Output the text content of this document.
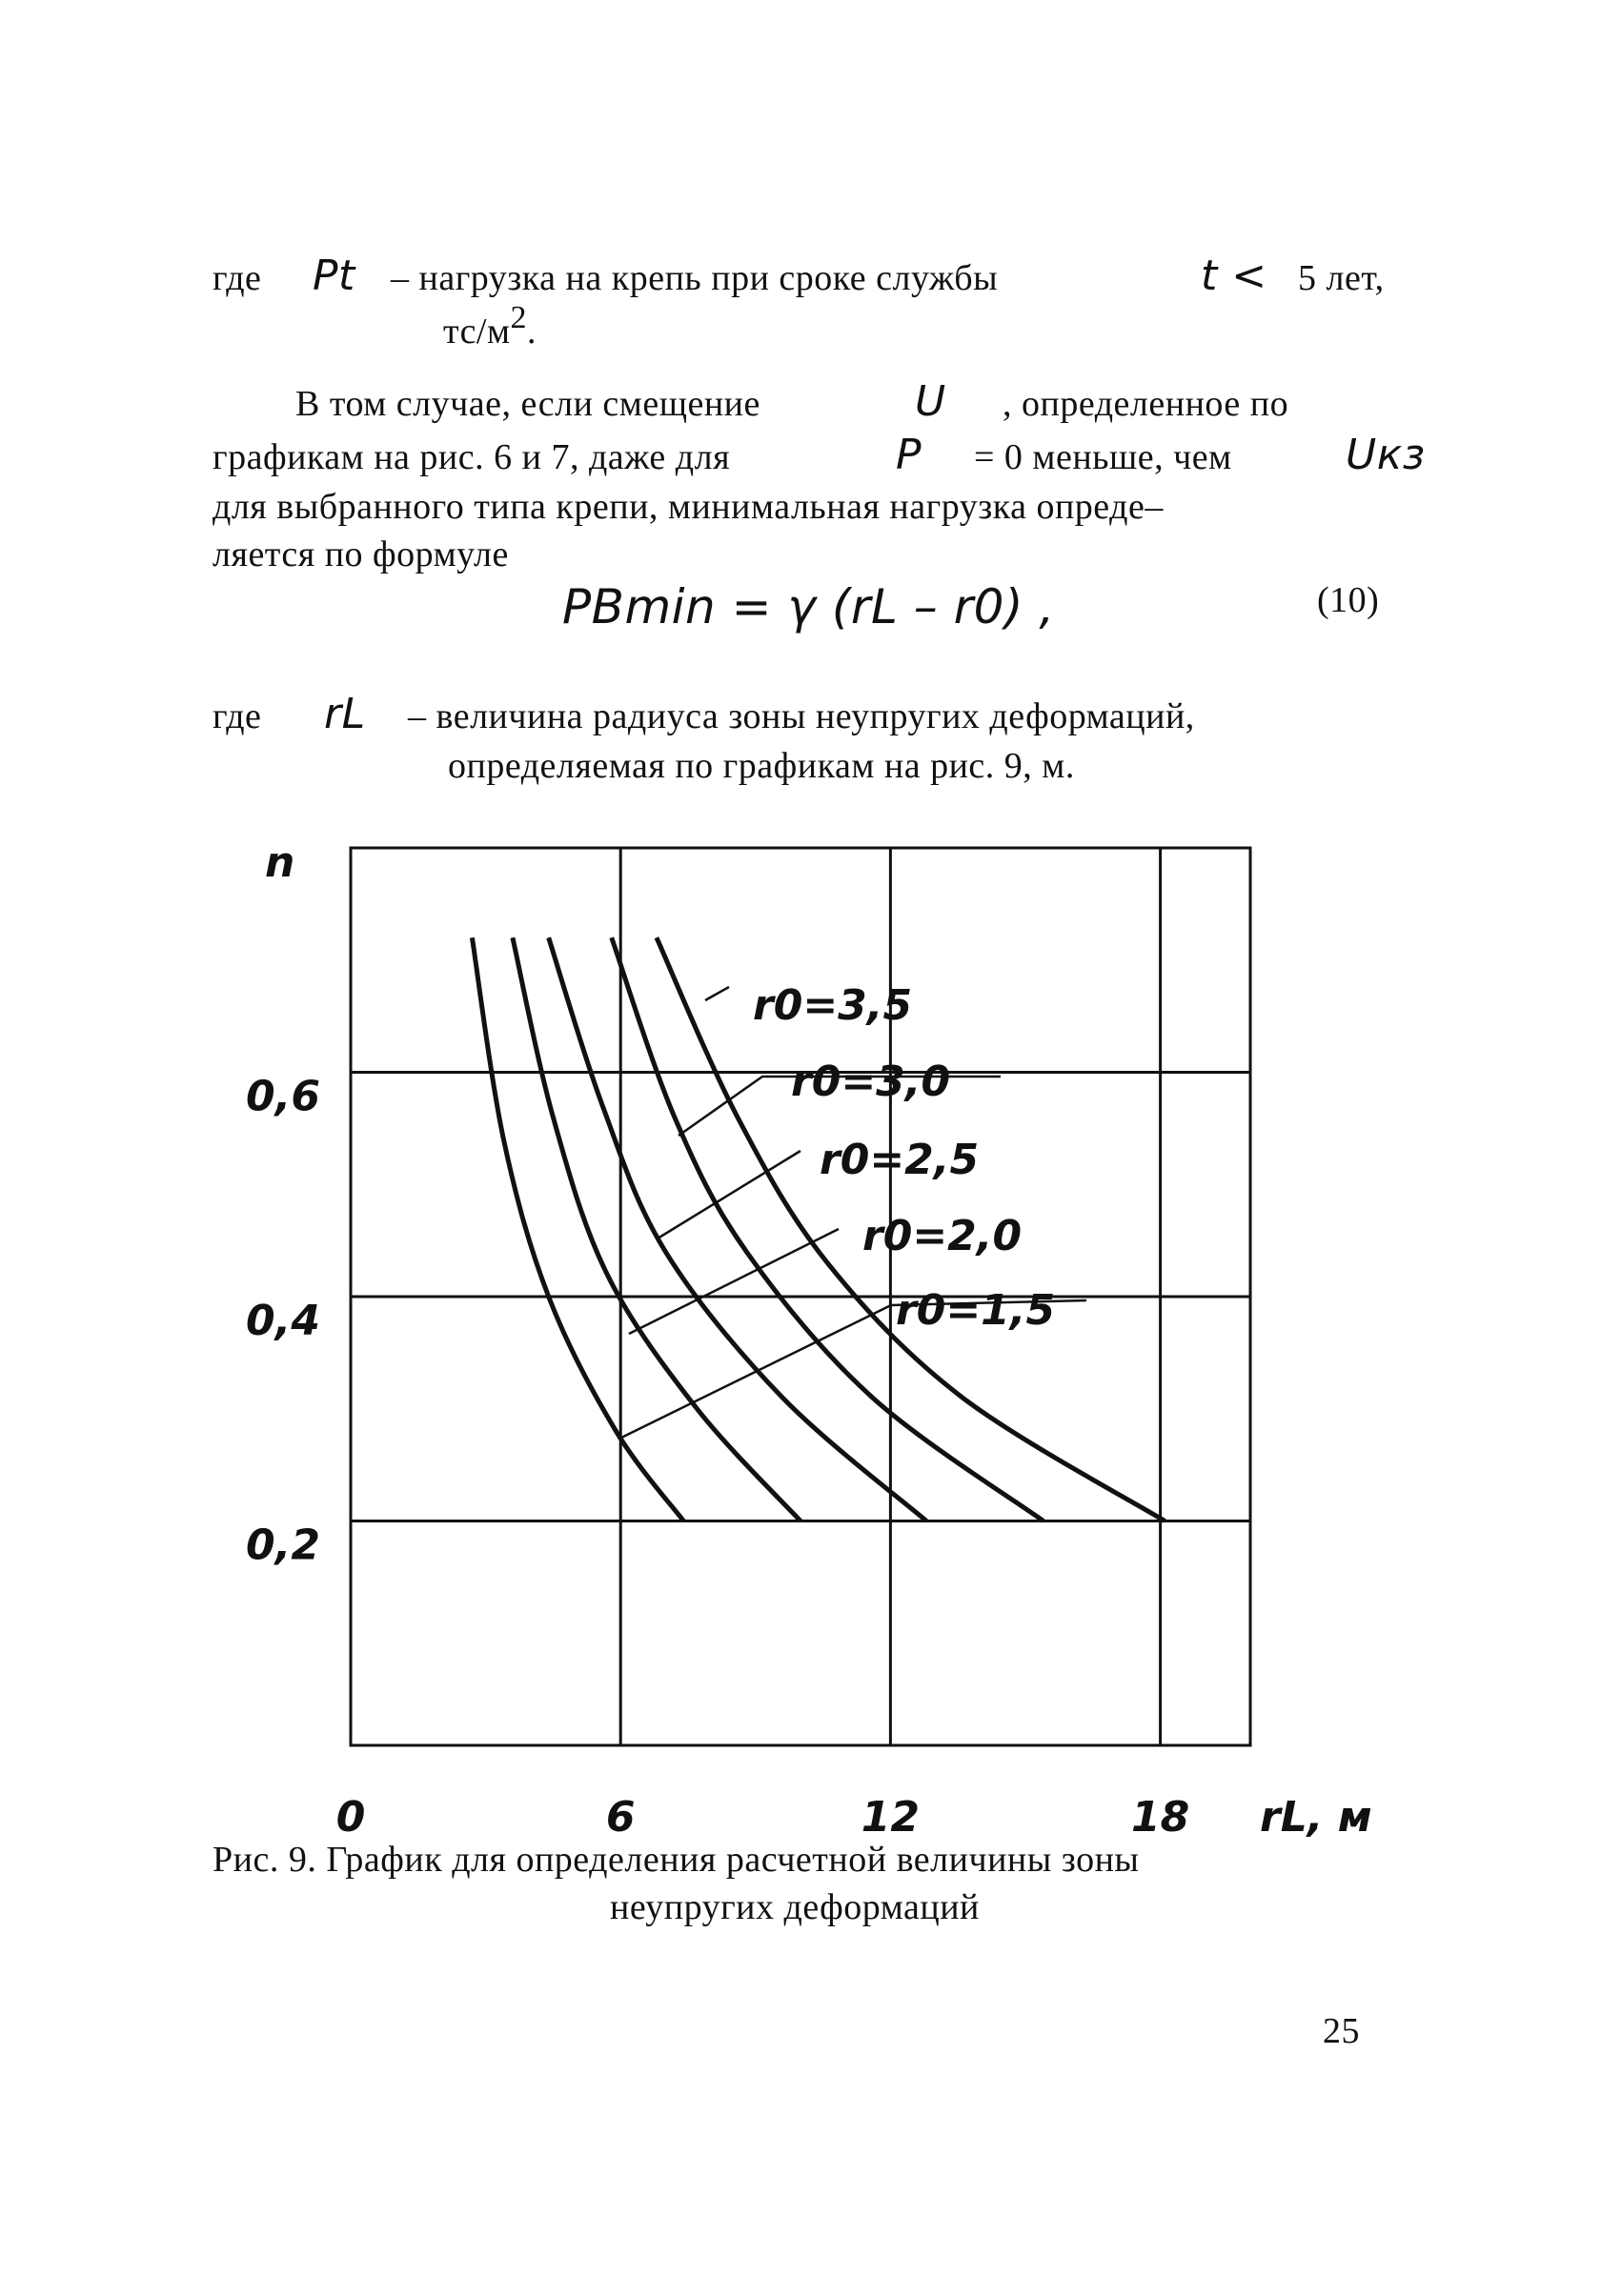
где Pt – нагрузка на крепь при сроке службы	t < 5 лет,
тс/м2.
В том случае, если смещение	U , определенное по
графикам на рис. 6 и 7, даже для	P = 0 меньше, чем	Uкз
для выбранного типа крепи, минимальная нагрузка опреде–
ляется по формуле
PBmin = γ (rL – r0) ,	(10)
где rL – величина радиуса зоны неупругих деформаций,
определяемая по графикам на рис. 9, м.
0	6	12	18
0,6
0,4
0,2
r0=3,5
r0=3,0
r0=2,5
r0=2,0
r0=1,5
n
rL, м
Рис. 9. График для определения расчетной величины зоны
неупругих деформаций
25
